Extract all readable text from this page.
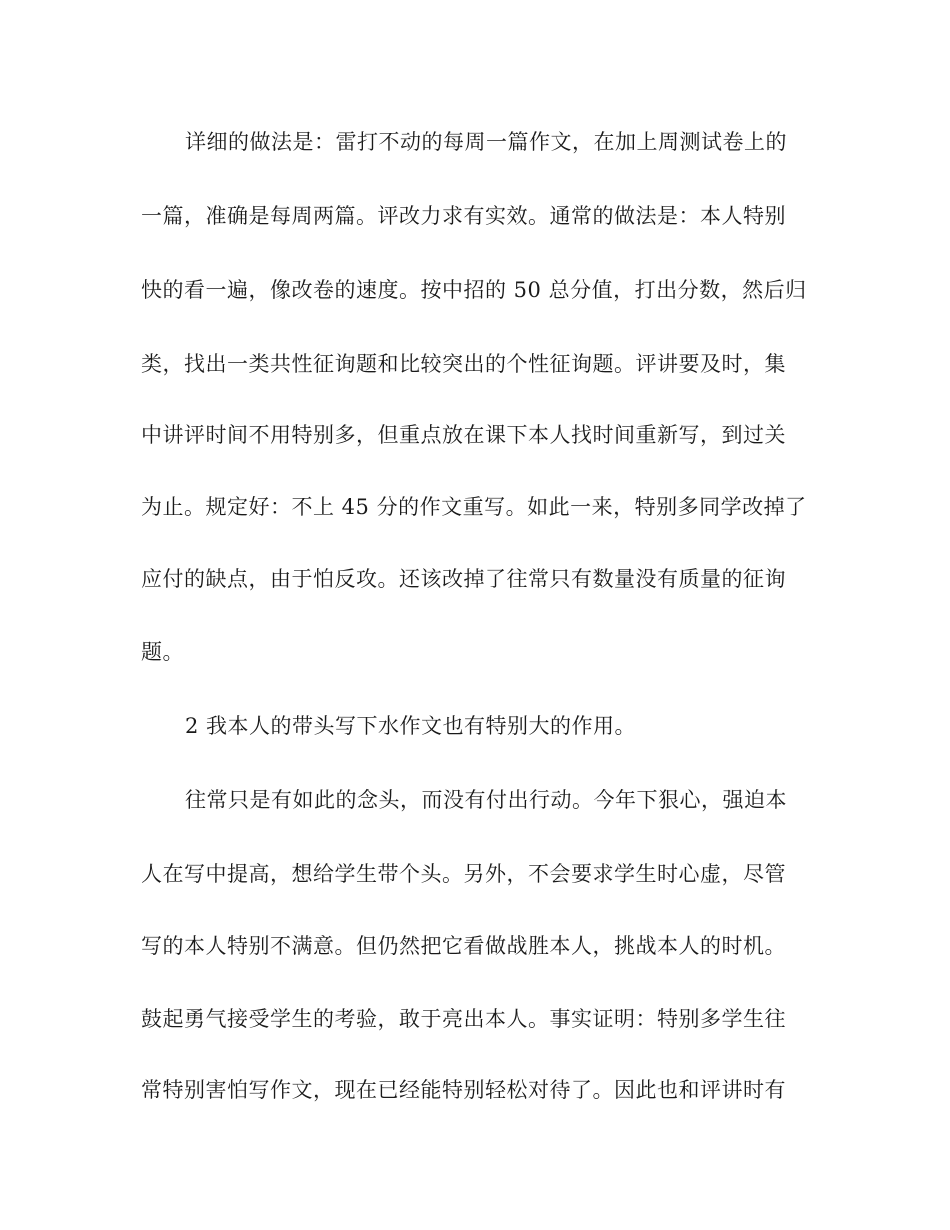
详细的做法是：雷打不动的每周一篇作文，在加上周测试卷上的
一篇，准确是每周两篇。评改力求有实效。通常的做法是：本人特别
快的看一遍，像改卷的速度。按中招的 50 总分值，打出分数，然后归
类，找出一类共性征询题和比较突出的个性征询题。评讲要及时，集
中讲评时间不用特别多，但重点放在课下本人找时间重新写，到过关
为止。规定好：不上 45 分的作文重写。如此一来，特别多同学改掉了
应付的缺点，由于怕反攻。还该改掉了往常只有数量没有质量的征询
题。
2 我本人的带头写下水作文也有特别大的作用。
往常只是有如此的念头，而没有付出行动。今年下狠心，强迫本
人在写中提高，想给学生带个头。另外，不会要求学生时心虚，尽管
写的本人特别不满意。但仍然把它看做战胜本人，挑战本人的时机。
鼓起勇气接受学生的考验，敢于亮出本人。事实证明：特别多学生往
常特别害怕写作文，现在已经能特别轻松对待了。因此也和评讲时有
